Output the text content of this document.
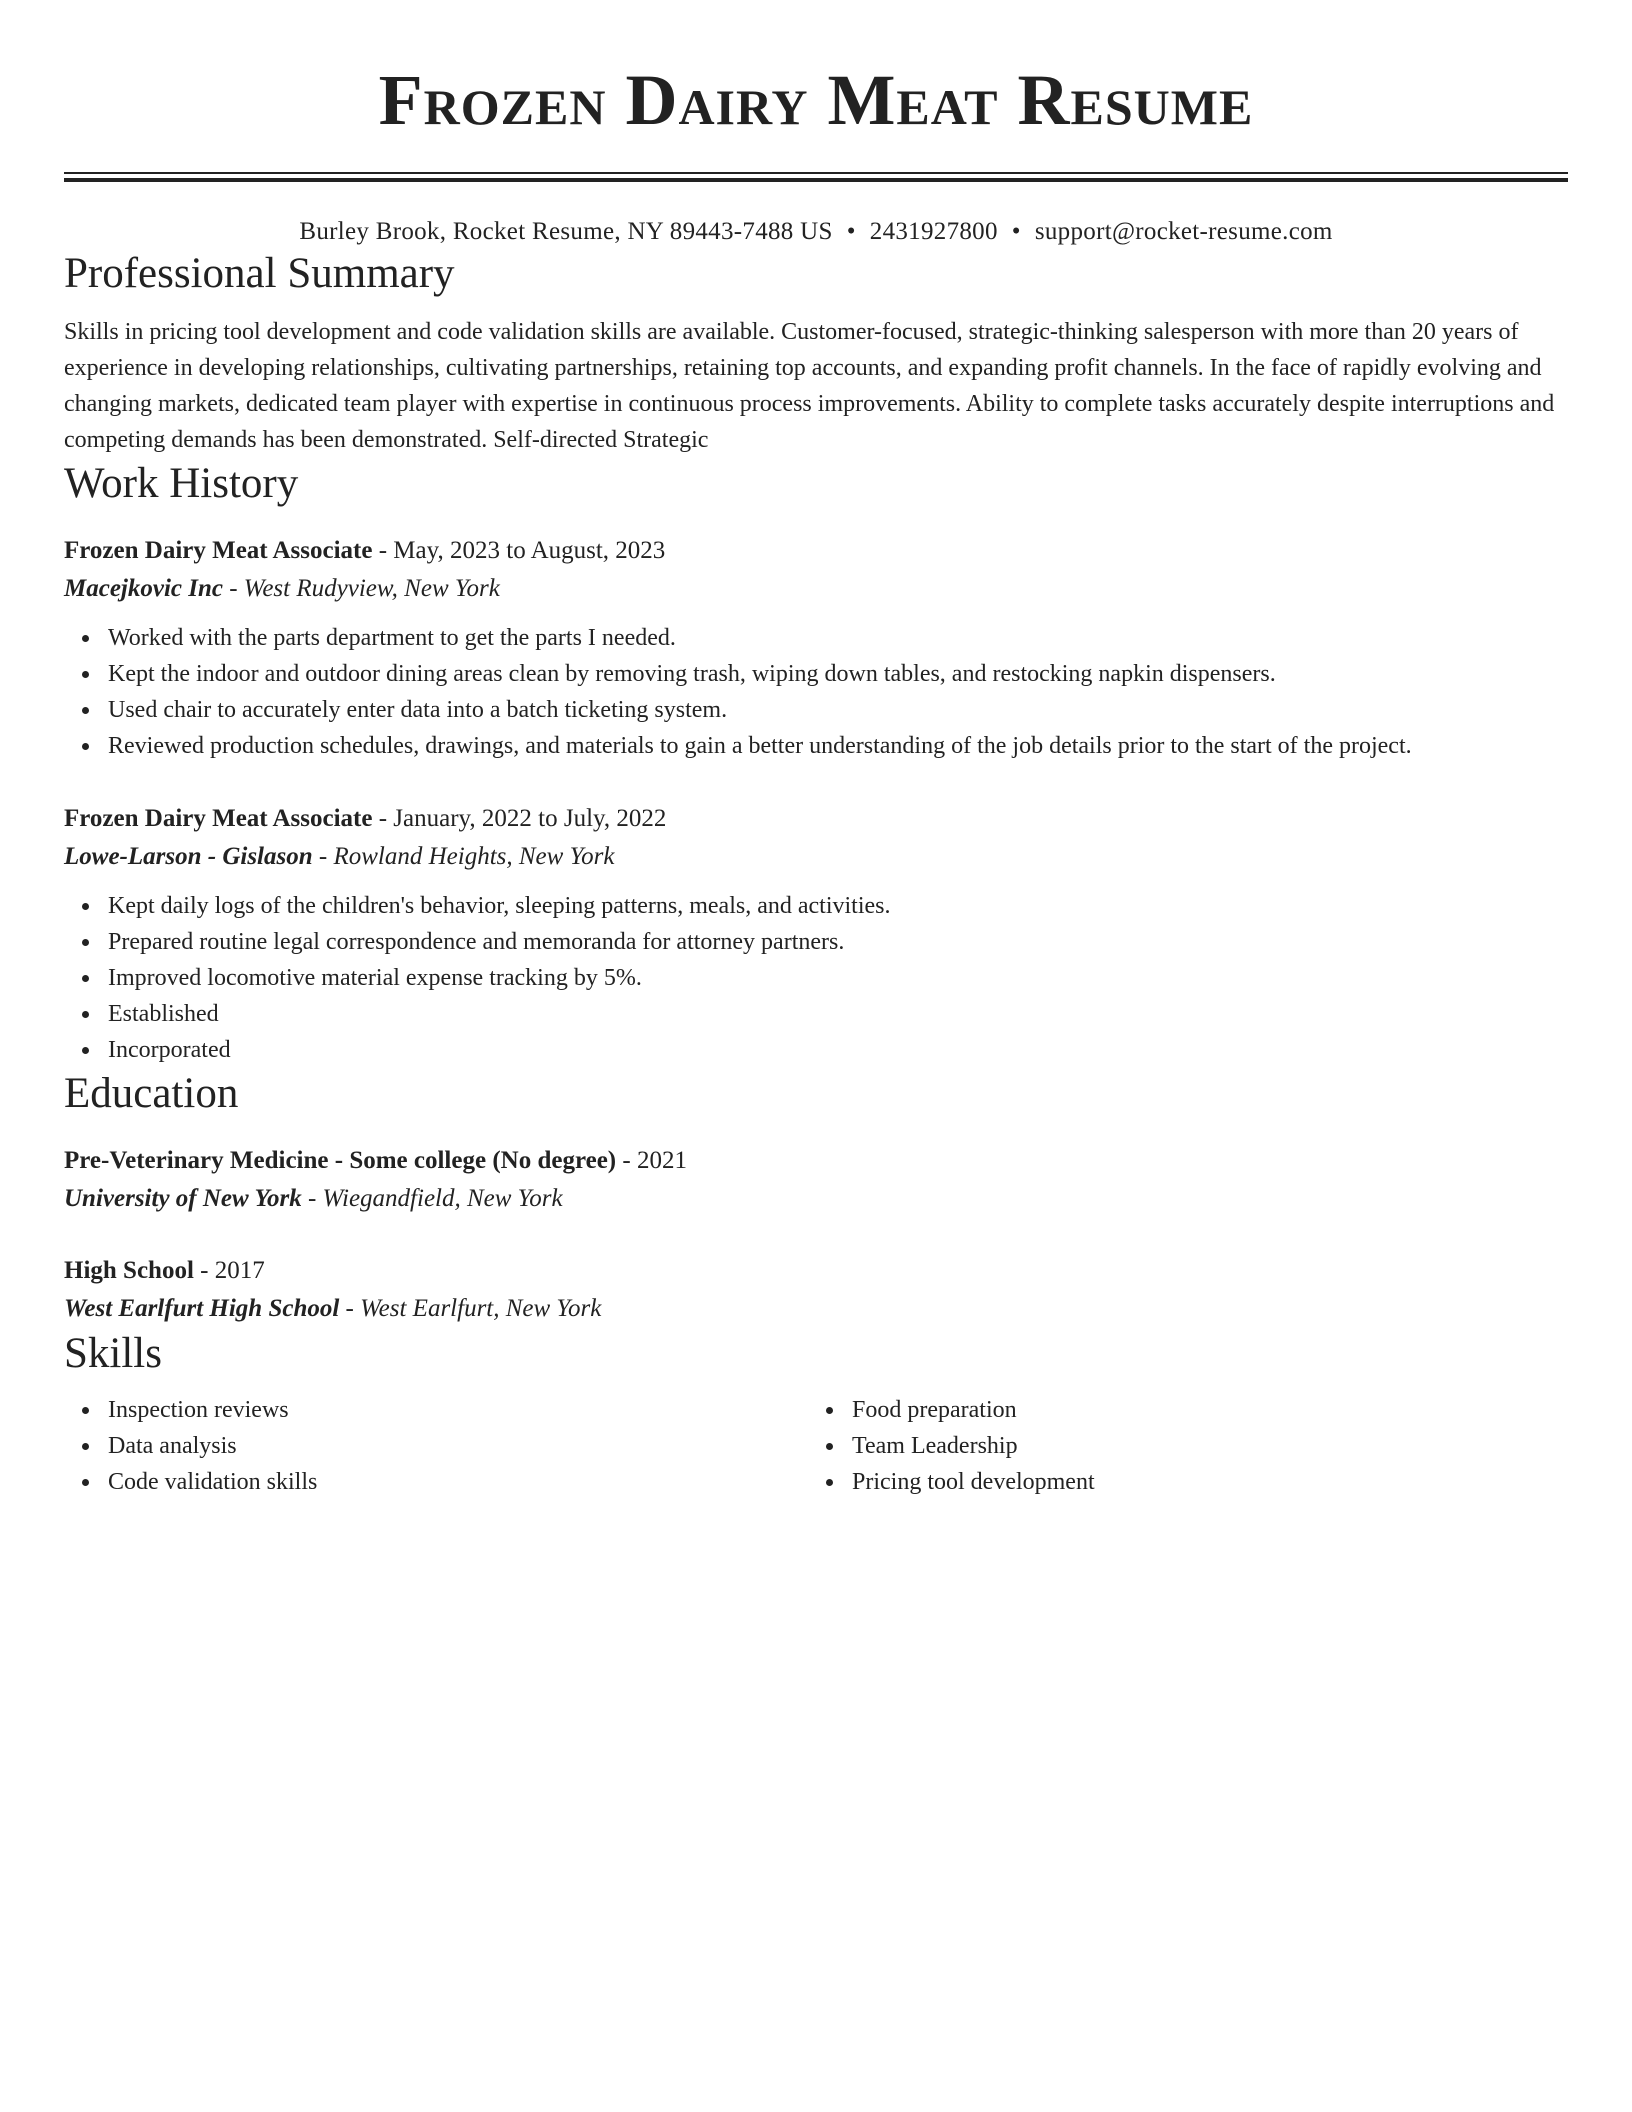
Frozen Dairy Meat Resume
Burley Brook, Rocket Resume, NY 89443-7488 US • 2431927800 • support@rocket-resume.com
Professional Summary
Skills in pricing tool development and code validation skills are available. Customer-focused, strategic-thinking salesperson with more than 20 years of experience in developing relationships, cultivating partnerships, retaining top accounts, and expanding profit channels. In the face of rapidly evolving and changing markets, dedicated team player with expertise in continuous process improvements. Ability to complete tasks accurately despite interruptions and competing demands has been demonstrated. Self-directed Strategic
Work History
Frozen Dairy Meat Associate - May, 2023 to August, 2023
Macejkovic Inc - West Rudyview, New York
Worked with the parts department to get the parts I needed.
Kept the indoor and outdoor dining areas clean by removing trash, wiping down tables, and restocking napkin dispensers.
Used chair to accurately enter data into a batch ticketing system.
Reviewed production schedules, drawings, and materials to gain a better understanding of the job details prior to the start of the project.
Frozen Dairy Meat Associate - January, 2022 to July, 2022
Lowe-Larson - Gislason - Rowland Heights, New York
Kept daily logs of the children's behavior, sleeping patterns, meals, and activities.
Prepared routine legal correspondence and memoranda for attorney partners.
Improved locomotive material expense tracking by 5%.
Established
Incorporated
Education
Pre-Veterinary Medicine - Some college (No degree) - 2021
University of New York - Wiegandfield, New York
High School - 2017
West Earlfurt High School - West Earlfurt, New York
Skills
Inspection reviews
Data analysis
Code validation skills
Food preparation
Team Leadership
Pricing tool development
